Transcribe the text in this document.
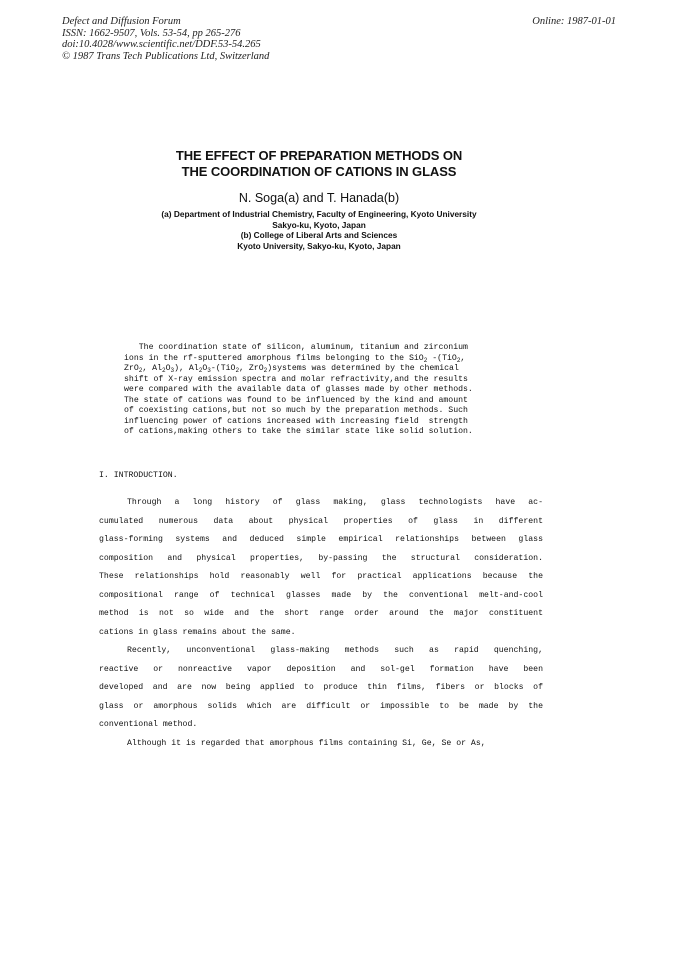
Defect and Diffusion Forum
ISSN: 1662-9507, Vols. 53-54, pp 265-276
doi:10.4028/www.scientific.net/DDF.53-54.265
© 1987 Trans Tech Publications Ltd, Switzerland
Online: 1987-01-01
THE EFFECT OF PREPARATION METHODS ON
THE COORDINATION OF CATIONS IN GLASS
N. Soga(a) and T. Hanada(b)
(a) Department of Industrial Chemistry, Faculty of Engineering, Kyoto University
Sakyo-ku, Kyoto, Japan
(b) College of Liberal Arts and Sciences
Kyoto University, Sakyo-ku, Kyoto, Japan
The coordination state of silicon, aluminum, titanium and zirconium
ions in the rf-sputtered amorphous films belonging to the SiO$_2$ -(TiO$_2$,
ZrO$_2$, $Al_2O_3$), $Al_2O_3-(TiO_2$, ZrO$_2$)systems was determined by the chemical
shift of X-ray emission spectra and molar refractivity,and the results
were compared with the available data of glasses made by other methods.
The state of cations was found to be influenced by the kind and amount
of coexisting cations,but not so much by the preparation methods. Such
influencing power of cations increased with increasing field  strength
of cations,making others to take the similar state like solid solution.
I. INTRODUCTION.
Through a long history of glass making, glass technologists have ac-
cumulated numerous data about physical properties of glass in different
glass-forming systems and deduced simple empirical relationships between glass
composition and physical properties, by-passing the structural consideration.
These relationships hold reasonably well for practical applications because the
compositional range of technical glasses made by the conventional melt-and-cool
method is not so wide and the short range order around the major constituent
cations in glass remains about the same.
Recently, unconventional glass-making methods such as rapid quenching,
reactive or nonreactive vapor deposition and sol-gel formation have been
developed and are now being applied to produce thin films, fibers or blocks of
glass or amorphous solids which are difficult or impossible to be made by the
conventional method.
Although it is regarded that amorphous films containing Si, Ge, Se or As,
